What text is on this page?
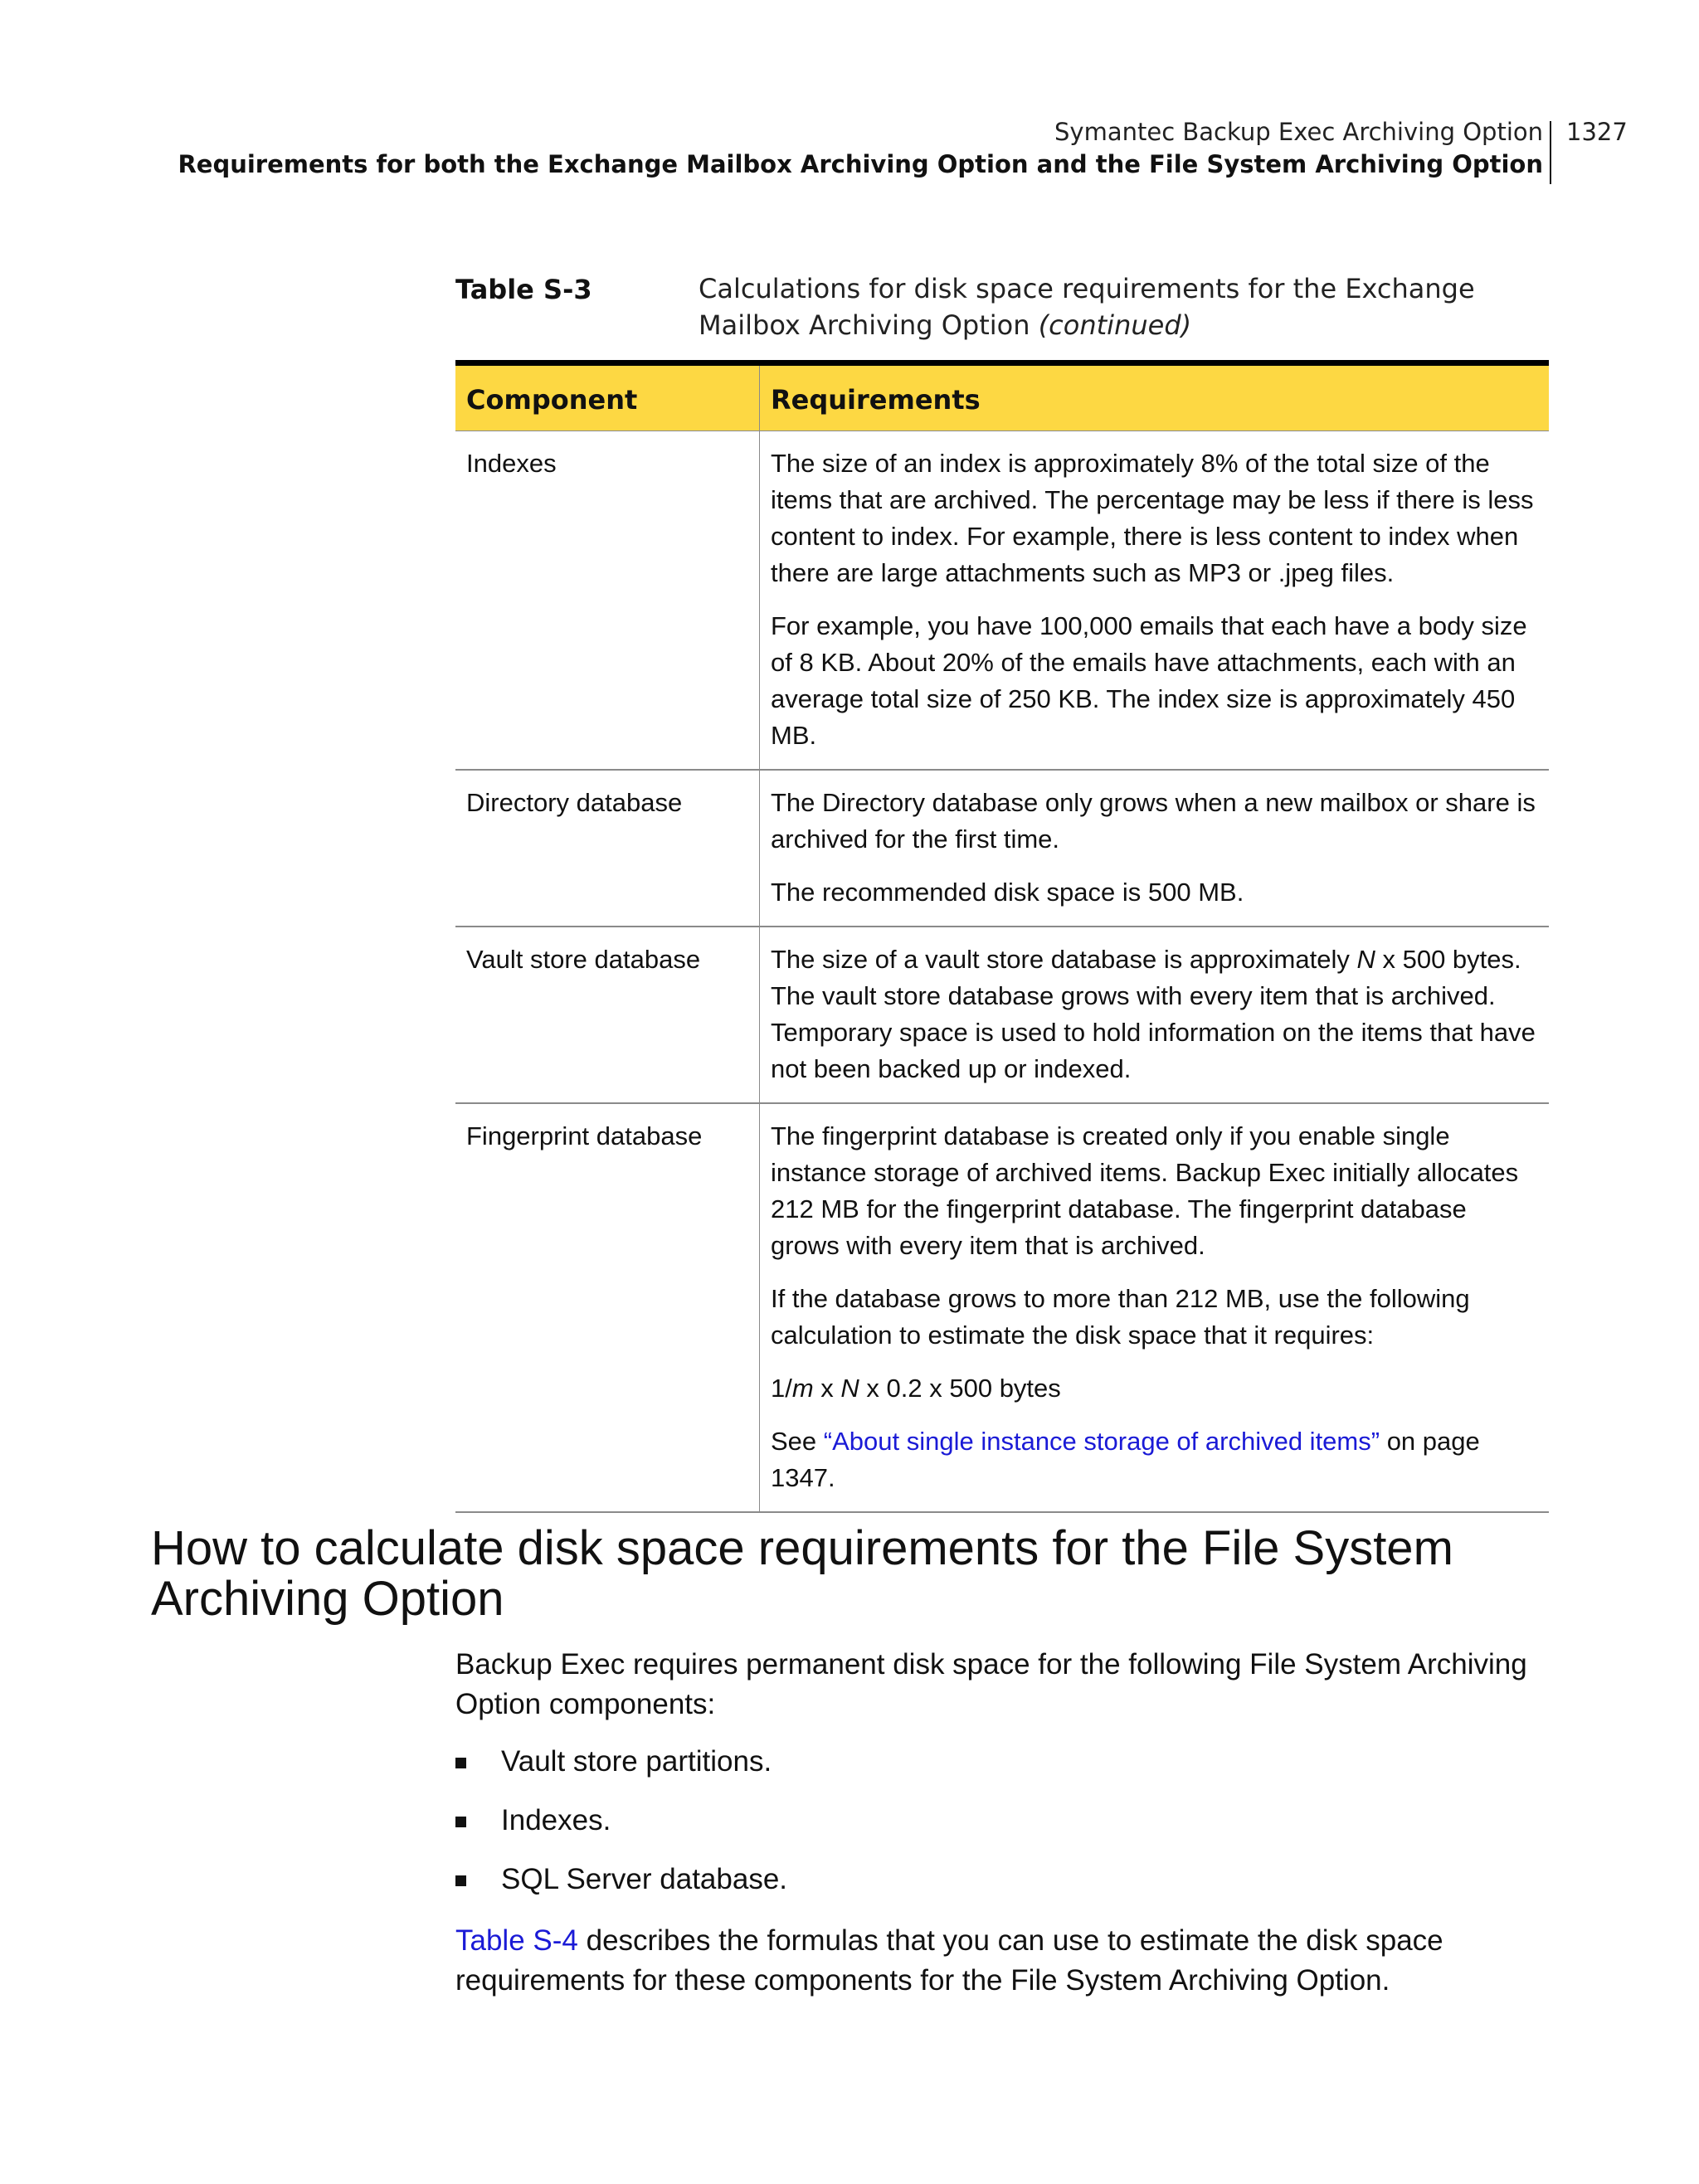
Symantec Backup Exec Archiving Option
Requirements for both the Exchange Mailbox Archiving Option and the File System Archiving Option
1327
Table S-3	Calculations for disk space requirements for the Exchange Mailbox Archiving Option (continued)
Component	Requirements
Indexes	The size of an index is approximately 8% of the total size of the items that are archived. The percentage may be less if there is less content to index. For example, there is less content to index when there are large attachments such as MP3 or .jpeg files.

For example, you have 100,000 emails that each have a body size of 8 KB. About 20% of the emails have attachments, each with an average total size of 250 KB. The index size is approximately 450 MB.

Directory database	The Directory database only grows when a new mailbox or share is archived for the first time.

The recommended disk space is 500 MB.

Vault store database	The size of a vault store database is approximately N x 500 bytes. The vault store database grows with every item that is archived. Temporary space is used to hold information on the items that have not been backed up or indexed.

Fingerprint database	The fingerprint database is created only if you enable single instance storage of archived items. Backup Exec initially allocates 212 MB for the fingerprint database. The fingerprint database grows with every item that is archived.

If the database grows to more than 212 MB, use the following calculation to estimate the disk space that it requires:

1/m x N x 0.2 x 500 bytes

See “About single instance storage of archived items” on page 1347.

How to calculate disk space requirements for the File System Archiving Option

Backup Exec requires permanent disk space for the following File System Archiving Option components:

Vault store partitions.
Indexes.
SQL Server database.

Table S-4 describes the formulas that you can use to estimate the disk space requirements for these components for the File System Archiving Option.
